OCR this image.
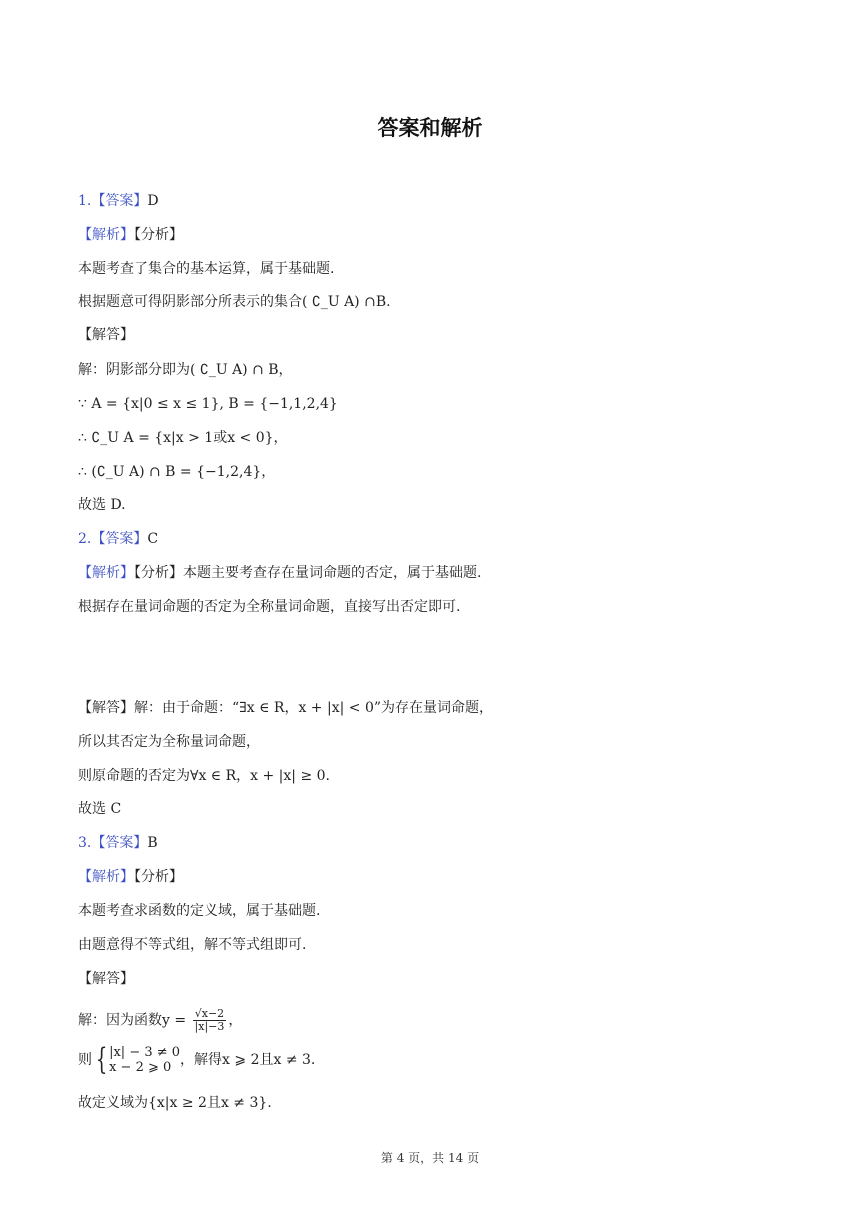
答案和解析
1.【答案】D
【解析】【分析】
本题考查了集合的基本运算，属于基础题.
根据题意可得阴影部分所表示的集合( ∁_U A) ∩B.
【解答】
解：阴影部分即为( ∁_U A) ∩ B，
∵ A = {x|0 ≤ x ≤ 1}, B = {−1,1,2,4}
∴ ∁_U A = {x|x > 1或x < 0}，
∴ (∁_U A) ∩ B = {−1,2,4}，
故选 D.
2.【答案】C
【解析】【分析】本题主要考查存在量词命题的否定，属于基础题.
根据存在量词命题的否定为全称量词命题，直接写出否定即可.
【解答】解：由于命题：“∃x ∈ R，x + |x| < 0”为存在量词命题，
所以其否定为全称量词命题，
则原命题的否定为∀x ∈ R，x + |x| ≥ 0.
故选 C
3.【答案】B
【解析】【分析】
本题考查求函数的定义域，属于基础题.
由题意得不等式组，解不等式组即可.
【解答】
解：因为函数$y = \frac{√x-2}{|x|-3}$ ，
则 { |x| − 3 ≠ 0
x − 2 ⩾ 0 ，解得x ⩾ 2且x ≠ 3.
故定义域为{x|x ≥ 2且x ≠ 3}.
第 4 页，共 14 页
